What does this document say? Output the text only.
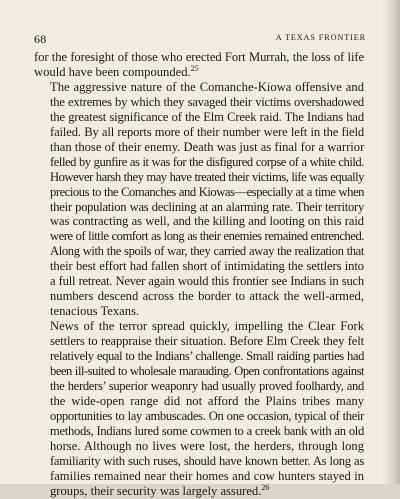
68	A TEXAS FRONTIER

for the foresight of those who erected Fort Murrah, the loss of life
would have been compounded.$^{25}$

The aggressive nature of the Comanche-Kiowa offensive and
the extremes by which they savaged their victims overshadowed
the greatest significance of the Elm Creek raid. The Indians had
failed. By all reports more of their number were left in the field
than those of their enemy. Death was just as final for a warrior
felled by gunfire as it was for the disfigured corpse of a white child.
However harsh they may have treated their victims, life was equally
precious to the Comanches and Kiowas—especially at a time when
their population was declining at an alarming rate. Their territory
was contracting as well, and the killing and looting on this raid
were of little comfort as long as their enemies remained entrenched.
Along with the spoils of war, they carried away the realization that
their best effort had fallen short of intimidating the settlers into
a full retreat. Never again would this frontier see Indians in such
numbers descend across the border to attack the well-armed,
tenacious Texans.

News of the terror spread quickly, impelling the Clear Fork
settlers to reappraise their situation. Before Elm Creek they felt
relatively equal to the Indians’ challenge. Small raiding parties had
been ill-suited to wholesale marauding. Open confrontations against
the herders’ superior weaponry had usually proved foolhardy, and
the wide-open range did not afford the Plains tribes many
opportunities to lay ambuscades. On one occasion, typical of their
methods, Indians lured some cowmen to a creek bank with an old
horse. Although no lives were lost, the herders, through long
familiarity with such ruses, should have known better. As long as
families remained near their homes and cow hunters stayed in
groups, their security was largely assured.$^{26}$
